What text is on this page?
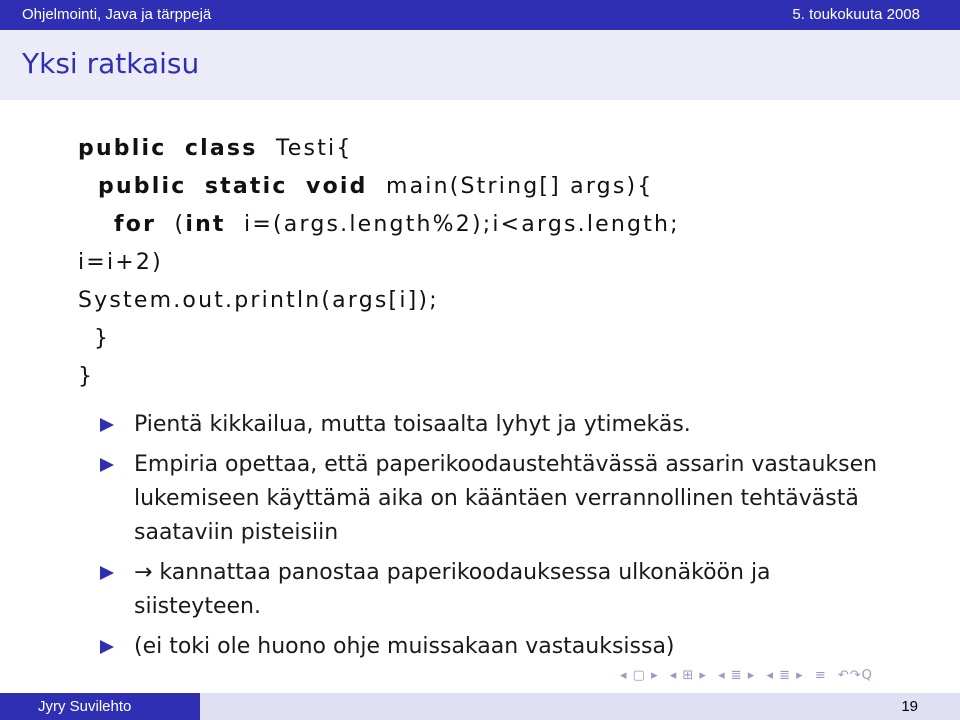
Ohjelmointi, Java ja tärppejä	5. toukokuuta 2008
Yksi ratkaisu
public class Testi{
public static void main(String[] args){
for (int i=(args.length%2);i<args.length;
i=i+2)
System.out.println(args[i]);
}
}
Pientä kikkailua, mutta toisaalta lyhyt ja ytimekäs.
Empiria opettaa, että paperikoodaustehtävässä assarin vastauksen lukemiseen käyttämä aika on kääntäen verrannollinen tehtävästä saataviin pisteisiin
→ kannattaa panostaa paperikoodauksessa ulkonäköön ja siisteyteen.
(ei toki ole huono ohje muissakaan vastauksissa)
◂ ▢ ▸ ◂ ⊞ ▸ ◂ ≣ ▸ ◂ ≣ ▸ ≡ ↶↷Q
Jyry Suvilehto	19
